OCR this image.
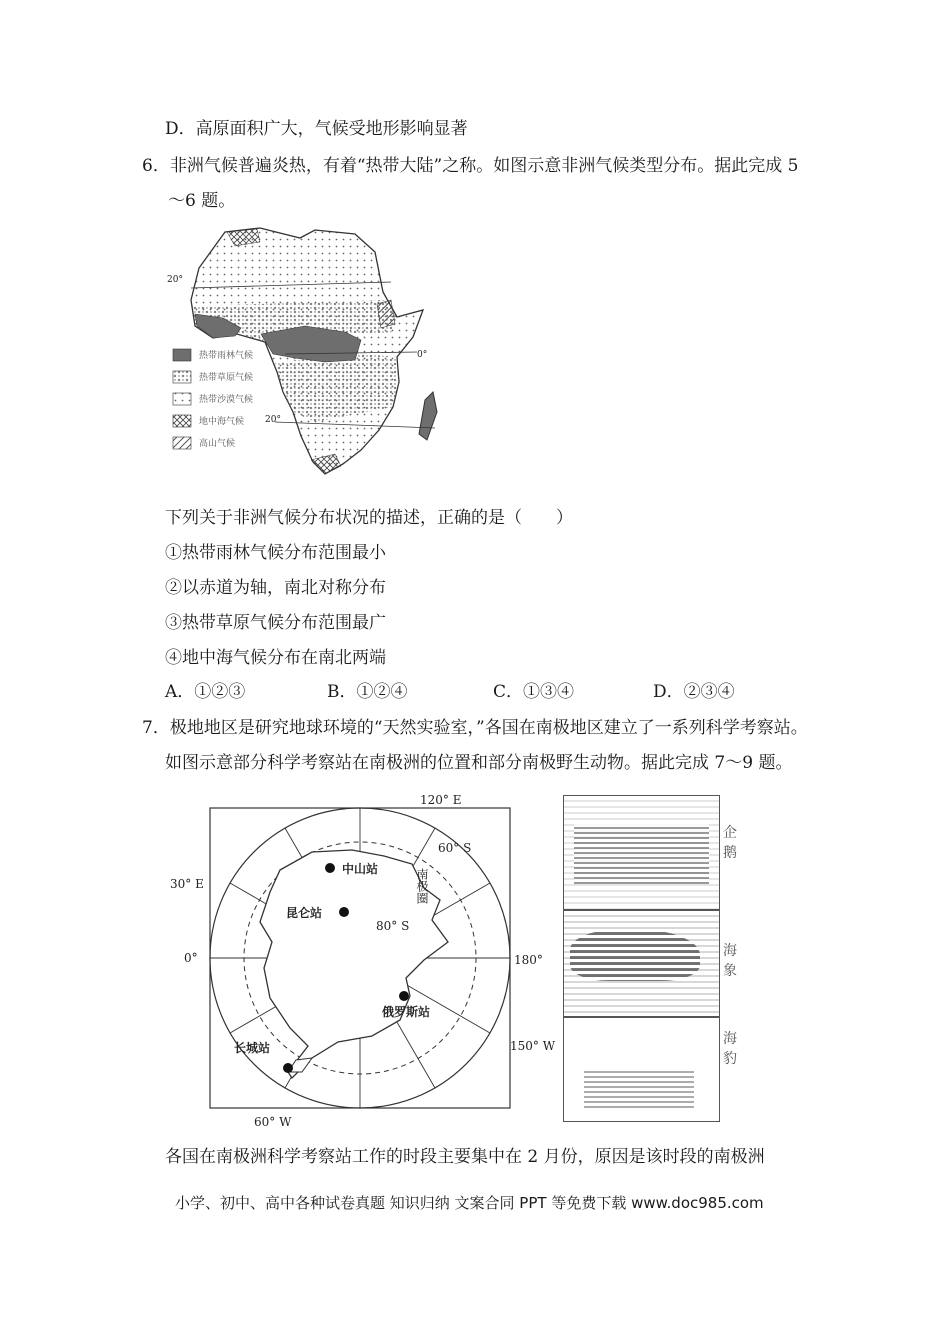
D．高原面积广大，气候受地形影响显著
6．非洲气候普遍炎热，有着“热带大陆”之称。如图示意非洲气候类型分布。据此完成 5
～6 题。
20°
0°
20°
热带雨林气候
热带草原气候
热带沙漠气候
地中海气候
高山气候
下列关于非洲气候分布状况的描述，正确的是（　　）
①热带雨林气候分布范围最小
②以赤道为轴，南北对称分布
③热带草原气候分布范围最广
④地中海气候分布在南北两端
A．①②③	B．①②④	C．①③④	D．②③④
7．极地地区是研究地球环境的“天然实验室，”各国在南极地区建立了一系列科学考察站。
如图示意部分科学考察站在南极洲的位置和部分南极野生动物。据此完成 7～9 题。
120° E
30° E
0°	180°
150° W
60° W
60° S
80° S
南极圈
中山站
昆仑站
俄罗斯站
长城站
企鹅
海象
海豹
各国在南极洲科学考察站工作的时段主要集中在 2 月份，原因是该时段的南极洲
小学、初中、高中各种试卷真题 知识归纳 文案合同 PPT 等免费下载 www.doc985.com
